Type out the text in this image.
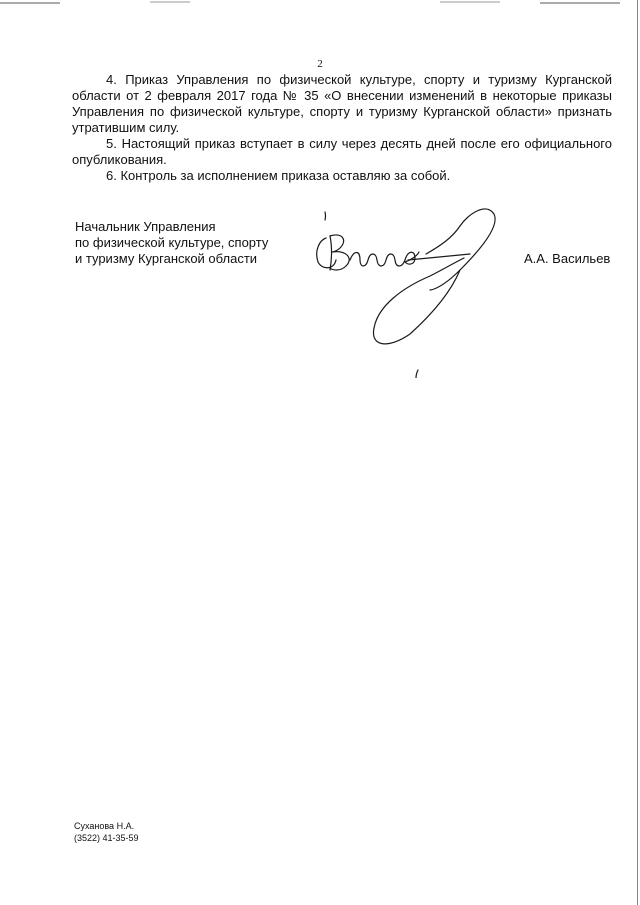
2

4. Приказ Управления по физической культуре, спорту и туризму Курганской области от 2 февраля 2017 года № 35 «О внесении изменений в некоторые приказы Управления по физической культуре, спорту и туризму Курганской области» признать утратившим силу.

5. Настоящий приказ вступает в силу через десять дней после его официального опубликования.

6. Контроль за исполнением приказа оставляю за собой.

Начальник Управления
по физической культуре, спорту
и туризму Курганской области	А.А. Васильев
Суханова Н.А.
(3522) 41-35-59
